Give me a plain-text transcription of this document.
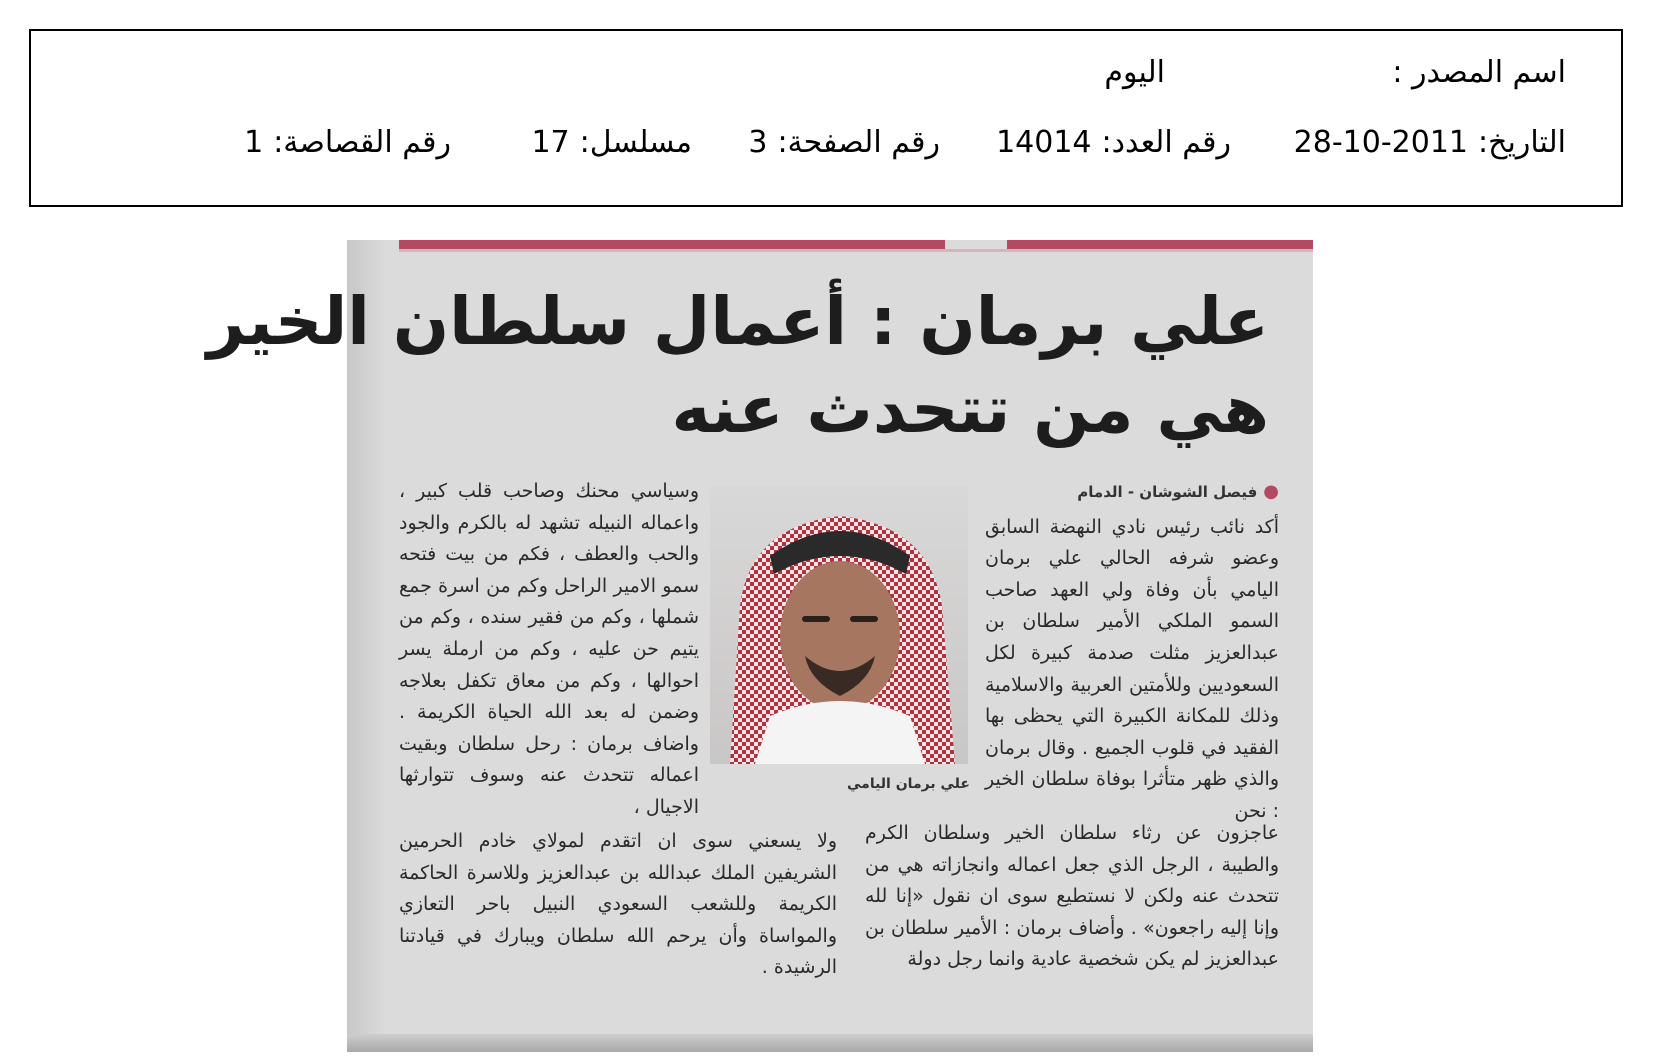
اسم المصدر :
اليوم
التاريخ:2011-10-28
رقم العدد:14014
رقم الصفحة:3
مسلسل:17
رقم القصاصة:1
علي برمان : أعمال سلطان الخير
هي من تتحدث عنه
●فيصل الشوشان - الدمام
أكد نائب رئيس نادي النهضة السابق وعضو شرفه الحالي علي برمان اليامي بأن وفاة ولي العهد صاحب السمو الملكي الأمير سلطان بن عبدالعزيز مثلت صدمة كبيرة لكل السعوديين وللأمتين العربية والاسلامية وذلك للمكانة الكبيرة التي يحظى بها الفقيد في قلوب الجميع . وقال برمان والذي ظهر متأثرا بوفاة سلطان الخير : نحن
عاجزون عن رثاء سلطان الخير وسلطان الكرم والطيبة ، الرجل الذي جعل اعماله وانجازاته هي من تتحدث عنه ولكن لا نستطيع سوى ان نقول «إنا لله وإنا إليه راجعون» . وأضاف برمان : الأمير سلطان بن عبدالعزيز لم يكن شخصية عادية وانما رجل دولة
وسياسي محنك وصاحب قلب كبير ، واعماله النبيله تشهد له بالكرم والجود والحب والعطف ، فكم من بيت فتحه سمو الامير الراحل وكم من اسرة جمع شملها ، وكم من فقير سنده ، وكم من يتيم حن عليه ، وكم من ارملة يسر احوالها ، وكم من معاق تكفل بعلاجه وضمن له بعد الله الحياة الكريمة . واضاف برمان : رحل سلطان وبقيت اعماله تتحدث عنه وسوف تتوارثها الاجيال ،
ولا يسعني سوى ان اتقدم لمولاي خادم الحرمين الشريفين الملك عبدالله بن عبدالعزيز وللاسرة الحاكمة الكريمة وللشعب السعودي النبيل باحر التعازي والمواساة وأن يرحم الله سلطان ويبارك في قيادتنا الرشيدة .
علي برمان اليامي
